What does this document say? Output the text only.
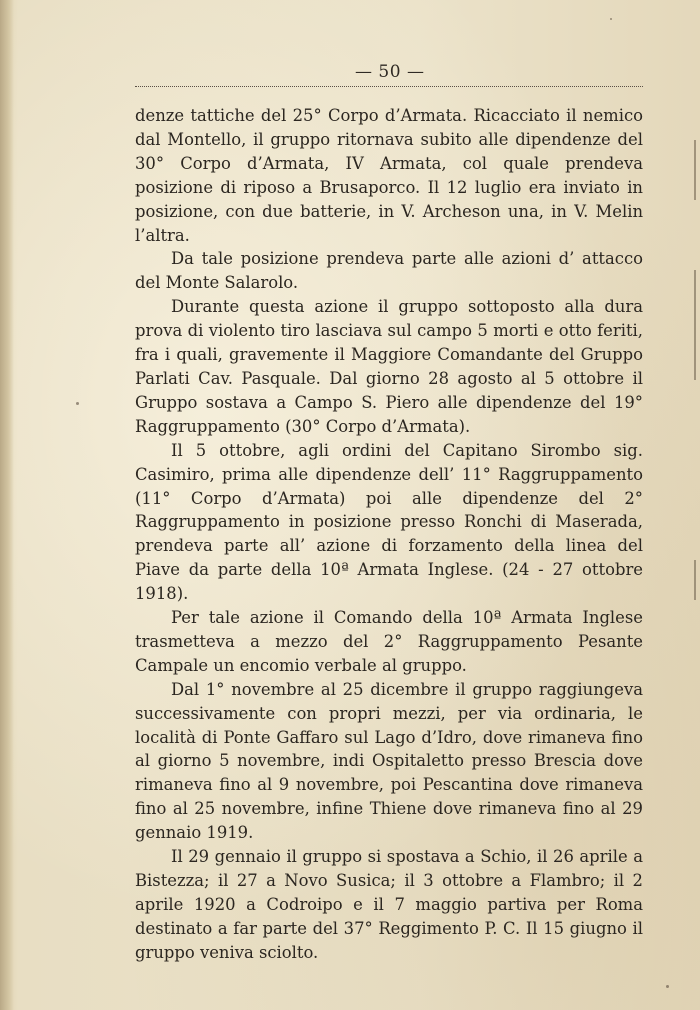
— 50 —

denze tattiche del 25° Corpo d’Armata. Ricacciato il nemico dal Montello, il gruppo ritornava subito alle dipendenze del 30° Corpo d’Armata, IV Armata, col quale prendeva posizione di riposo a Brusaporco. Il 12 luglio era inviato in posizione, con due batterie, in V. Archeson una, in V. Melin l’altra.

Da tale posizione prendeva parte alle azioni d’ attacco del Monte Salarolo.

Durante questa azione il gruppo sottoposto alla dura prova di violento tiro lasciava sul campo 5 morti e otto feriti, fra i quali, gravemente il Maggiore Comandante del Gruppo Parlati Cav. Pasquale. Dal giorno 28 agosto al 5 ottobre il Gruppo sostava a Campo S. Piero alle dipendenze del 19° Raggruppamento (30° Corpo d’Armata).

Il 5 ottobre, agli ordini del Capitano Sirombo sig. Casimiro, prima alle dipendenze dell’ 11° Raggruppamento (11° Corpo d’Armata) poi alle dipendenze del 2° Raggruppamento in posizione presso Ronchi di Maserada, prendeva parte all’ azione di forzamento della linea del Piave da parte della 10ª Armata Inglese. (24 - 27 ottobre 1918).

Per tale azione il Comando della 10ª Armata Inglese trasmetteva a mezzo del 2° Raggruppamento Pesante Campale un encomio verbale al gruppo.

Dal 1° novembre al 25 dicembre il gruppo raggiungeva successivamente con propri mezzi, per via ordinaria, le località di Ponte Gaffaro sul Lago d’Idro, dove rimaneva fino al giorno 5 novembre, indi Ospitaletto presso Brescia dove rimaneva fino al 9 novembre, poi Pescantina dove rimaneva fino al 25 novembre, infine Thiene dove rimaneva fino al 29 gennaio 1919.

Il 29 gennaio il gruppo si spostava a Schio, il 26 aprile a Bistezza; il 27 a Novo Susica; il 3 ottobre a Flambro; il 2 aprile 1920 a Codroipo e il 7 maggio partiva per Roma destinato a far parte del 37° Reggimento P. C. Il 15 giugno il gruppo veniva sciolto.
